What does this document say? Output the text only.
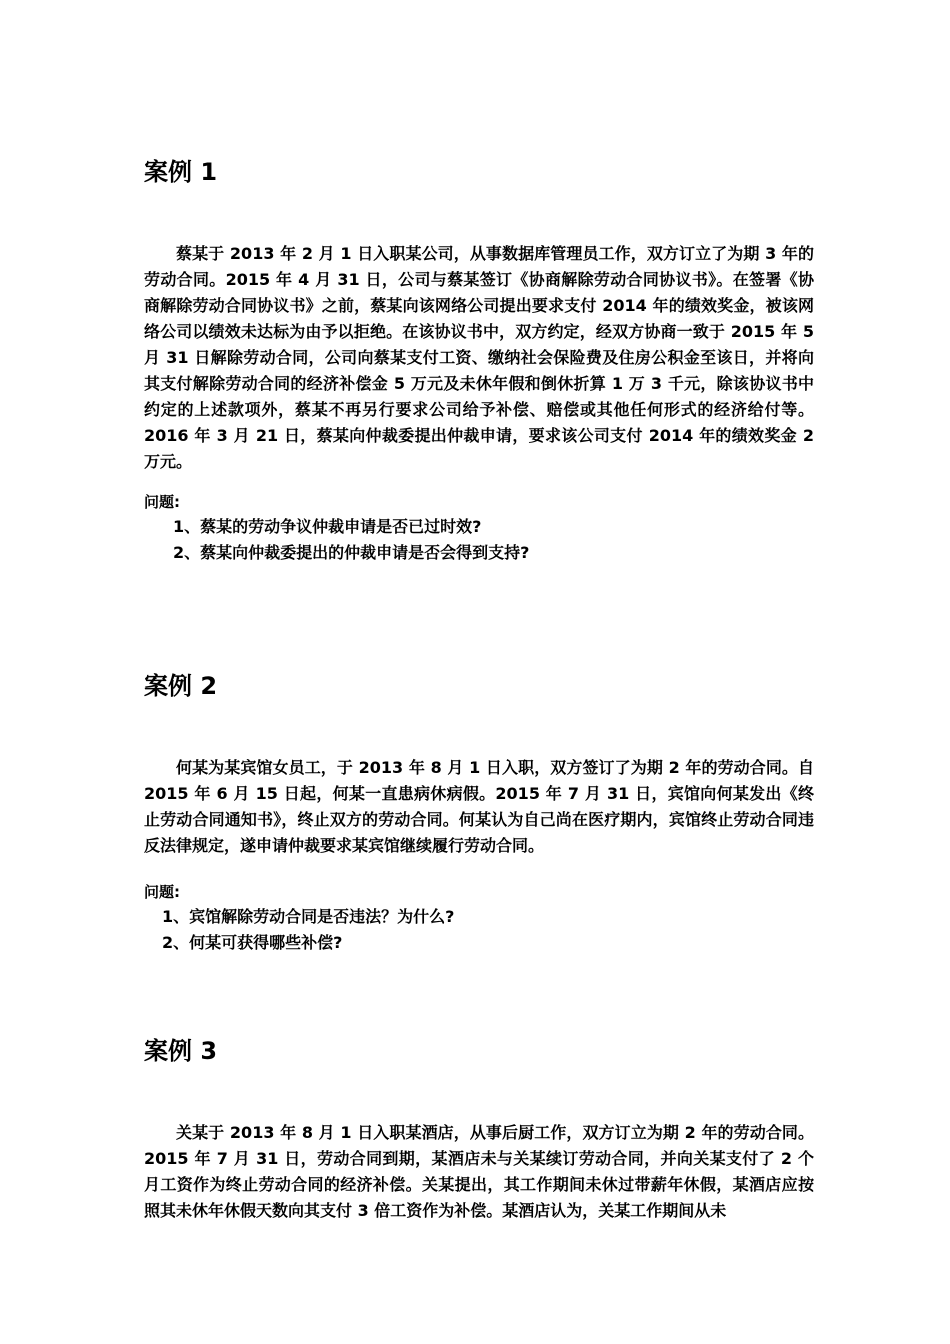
案例 1

蔡某于 2013 年 2 月 1 日入职某公司，从事数据库管理员工作，双方订立了为期 3 年的劳动合同。2015 年 4 月 31 日，公司与蔡某签订《协商解除劳动合同协议书》。在签署《协商解除劳动合同协议书》之前，蔡某向该网络公司提出要求支付 2014 年的绩效奖金，被该网络公司以绩效未达标为由予以拒绝。在该协议书中，双方约定，经双方协商一致于 2015 年 5 月 31 日解除劳动合同，公司向蔡某支付工资、缴纳社会保险费及住房公积金至该日，并将向其支付解除劳动合同的经济补偿金 5 万元及未休年假和倒休折算 1 万 3 千元，除该协议书中约定的上述款项外，蔡某不再另行要求公司给予补偿、赔偿或其他任何形式的经济给付等。2016 年 3 月 21 日，蔡某向仲裁委提出仲裁申请，要求该公司支付 2014 年的绩效奖金 2 万元。

问题:

1、蔡某的劳动争议仲裁申请是否已过时效?

2、蔡某向仲裁委提出的仲裁申请是否会得到支持?

案例 2

何某为某宾馆女员工，于 2013 年 8 月 1 日入职，双方签订了为期 2 年的劳动合同。自 2015 年 6 月 15 日起，何某一直患病休病假。2015 年 7 月 31 日，宾馆向何某发出《终止劳动合同通知书》，终止双方的劳动合同。何某认为自己尚在医疗期内，宾馆终止劳动合同违反法律规定，遂申请仲裁要求某宾馆继续履行劳动合同。

问题:

1、宾馆解除劳动合同是否违法？为什么?

2、何某可获得哪些补偿?

案例 3

关某于 2013 年 8 月 1 日入职某酒店，从事后厨工作，双方订立为期 2 年的劳动合同。2015 年 7 月 31 日，劳动合同到期，某酒店未与关某续订劳动合同，并向关某支付了 2 个月工资作为终止劳动合同的经济补偿。关某提出，其工作期间未休过带薪年休假，某酒店应按照其未休年休假天数向其支付 3 倍工资作为补偿。某酒店认为，关某工作期间从未
